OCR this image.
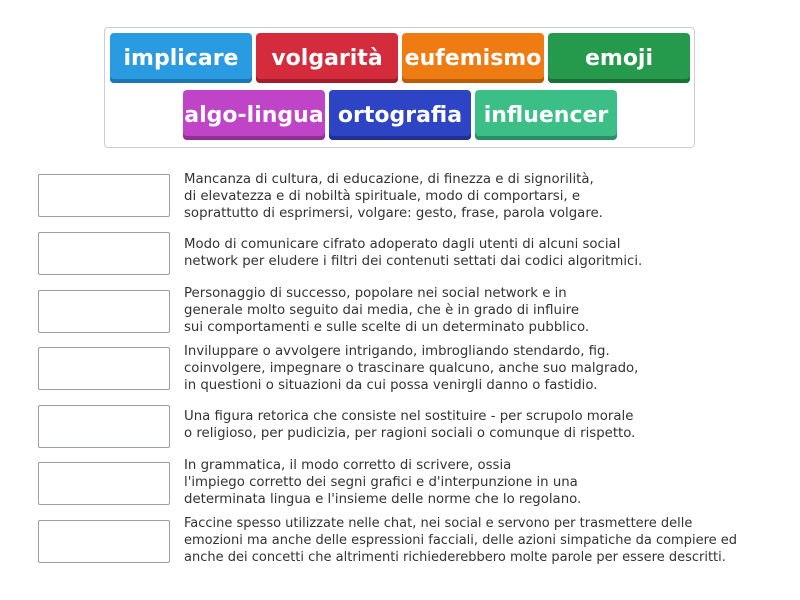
implicare	volgarità eufemismo	emoji
algo-lingua ortografia influencer
Mancanza di cultura, di educazione, di finezza e di signorilità,
di elevatezza e di nobiltà spirituale, modo di comportarsi, e
soprattutto di esprimersi, volgare: gesto, frase, parola volgare.
Modo di comunicare cifrato adoperato dagli utenti di alcuni social
network per eludere i filtri dei contenuti settati dai codici algoritmici.
Personaggio di successo, popolare nei social network e in
generale molto seguito dai media, che è in grado di influire
sui comportamenti e sulle scelte di un determinato pubblico.
Inviluppare o avvolgere intrigando, imbrogliando stendardo, fig.
coinvolgere, impegnare o trascinare qualcuno, anche suo malgrado,
in questioni o situazioni da cui possa venirgli danno o fastidio.
Una figura retorica che consiste nel sostituire - per scrupolo morale
o religioso, per pudicizia, per ragioni sociali o comunque di rispetto.
In grammatica, il modo corretto di scrivere, ossia
l'impiego corretto dei segni grafici e d'interpunzione in una
determinata lingua e l'insieme delle norme che lo regolano.
Faccine spesso utilizzate nelle chat, nei social e servono per trasmettere delle
emozioni ma anche delle espressioni facciali, delle azioni simpatiche da compiere ed
anche dei concetti che altrimenti richiederebbero molte parole per essere descritti.
